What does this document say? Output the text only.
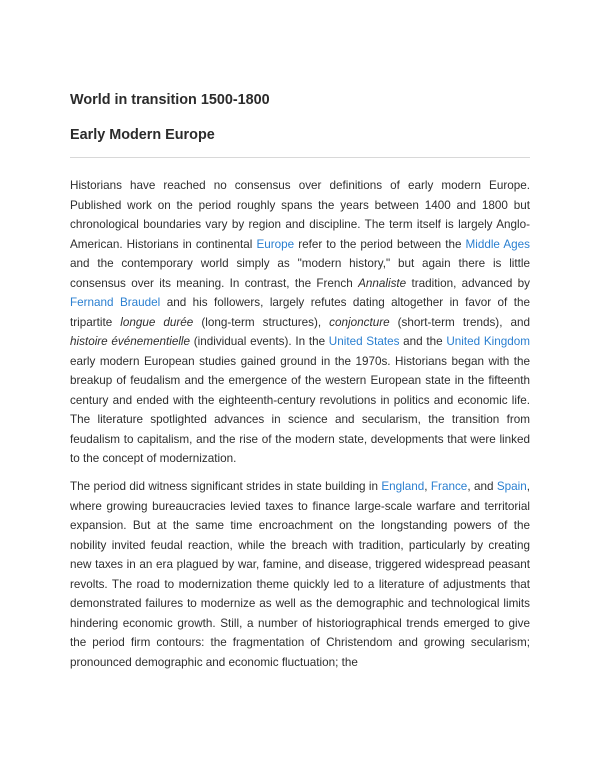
World in transition 1500-1800
Early Modern Europe

Historians have reached no consensus over definitions of early modern Europe. Published work on the period roughly spans the years between 1400 and 1800 but chronological boundaries vary by region and discipline. The term itself is largely Anglo-American. Historians in continental Europe refer to the period between the Middle Ages and the contemporary world simply as "modern history," but again there is little consensus over its meaning. In contrast, the French Annaliste tradition, advanced by Fernand Braudel and his followers, largely refutes dating altogether in favor of the tripartite longue durée (long-term structures), conjoncture (short-term trends), and histoire événementielle (individual events). In the United States and the United Kingdom early modern European studies gained ground in the 1970s. Historians began with the breakup of feudalism and the emergence of the western European state in the fifteenth century and ended with the eighteenth-century revolutions in politics and economic life. The literature spotlighted advances in science and secularism, the transition from feudalism to capitalism, and the rise of the modern state, developments that were linked to the concept of modernization.

The period did witness significant strides in state building in England, France, and Spain, where growing bureaucracies levied taxes to finance large-scale warfare and territorial expansion. But at the same time encroachment on the longstanding powers of the nobility invited feudal reaction, while the breach with tradition, particularly by creating new taxes in an era plagued by war, famine, and disease, triggered widespread peasant revolts. The road to modernization theme quickly led to a literature of adjustments that demonstrated failures to modernize as well as the demographic and technological limits hindering economic growth. Still, a number of historiographical trends emerged to give the period firm contours: the fragmentation of Christendom and growing secularism; pronounced demographic and economic fluctuation; the
